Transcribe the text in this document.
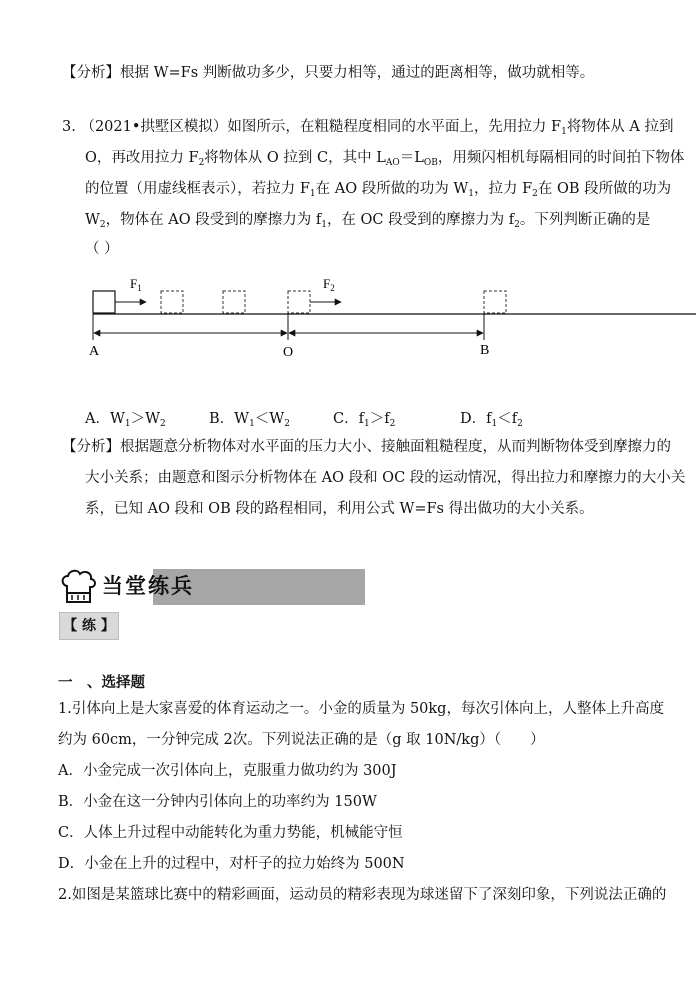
【分析】根据 W=Fs 判断做功多少，只要力相等，通过的距离相等，做功就相等。
3. （2021•拱墅区模拟）如图所示，在粗糙程度相同的水平面上，先用拉力 $F_1$将物体从 A 拉到
O，再改用拉力 $F_2$将物体从 O 拉到 C，其中 $L_{AO}=L_{OB}$，用频闪相机每隔相同的时间拍下物体
的位置（用虚线框表示），若拉力 $F_1$在 AO 段所做的功为 $W_1$，拉力 $F_2$在 OB 段所做的功为
$W_2$，物体在 AO 段受到的摩擦力为 $f_1$，在 OC 段受到的摩擦力为 $f_2$。下列判断正确的是
（ ）
$F_1$	$F_2$
A	O	B
A．$W_1>W_2$	B．$W_1<W_2$	C．$f_1>f_2$	D．$f_1<f_2$
【分析】根据题意分析物体对水平面的压力大小、接触面粗糙程度，从而判断物体受到摩擦力的
大小关系；由题意和图示分析物体在 AO 段和 OC 段的运动情况，得出拉力和摩擦力的大小关
系，已知 AO 段和 OB 段的路程相同，利用公式 W=Fs 得出做功的大小关系。
当堂练兵
【 练 】
一　、选择题
1.引体向上是大家喜爱的体育运动之一。小金的质量为 50kg，每次引体向上，人整体上升高度
约为 60cm，一分钟完成 2次。下列说法正确的是（g 取 10N/kg）（　　）
A．小金完成一次引体向上，克服重力做功约为 300J
B．小金在这一分钟内引体向上的功率约为 150W
C．人体上升过程中动能转化为重力势能，机械能守恒
D．小金在上升的过程中，对杆子的拉力始终为 500N
2.如图是某篮球比赛中的精彩画面，运动员的精彩表现为球迷留下了深刻印象，下列说法正确的
